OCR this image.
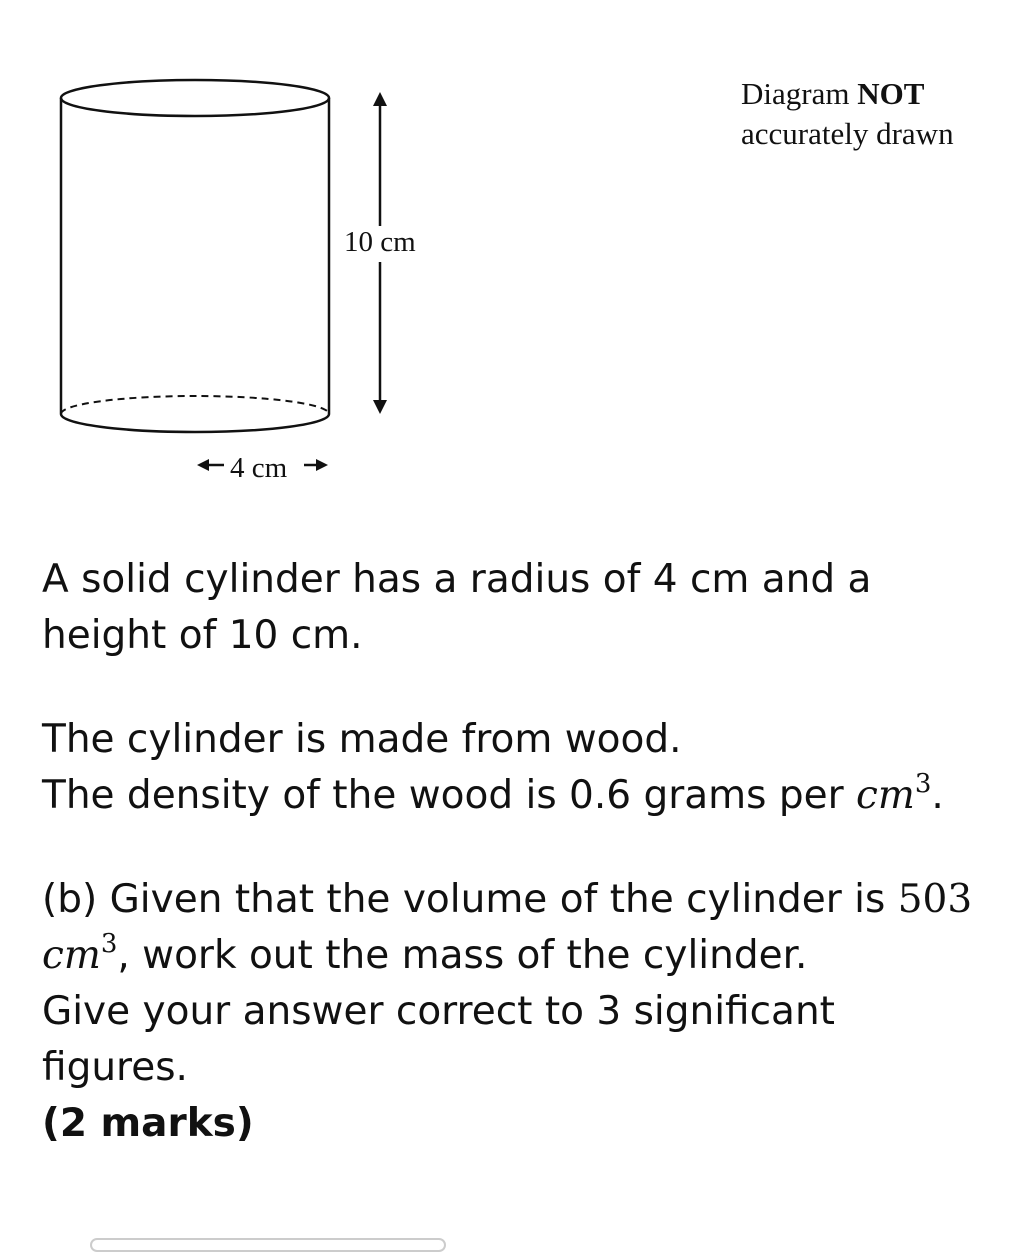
10 cm
4 cm
Diagram NOT
accurately drawn

A solid cylinder has a radius of 4 cm and a height of 10 cm.

The cylinder is made from wood.

The density of the wood is 0.6 grams per $cm^3$.

(b) Given that the volume of the cylinder is 503 $cm^3$, work out the mass of the cylinder.

Give your answer correct to 3 significant figures.

(2 marks)
